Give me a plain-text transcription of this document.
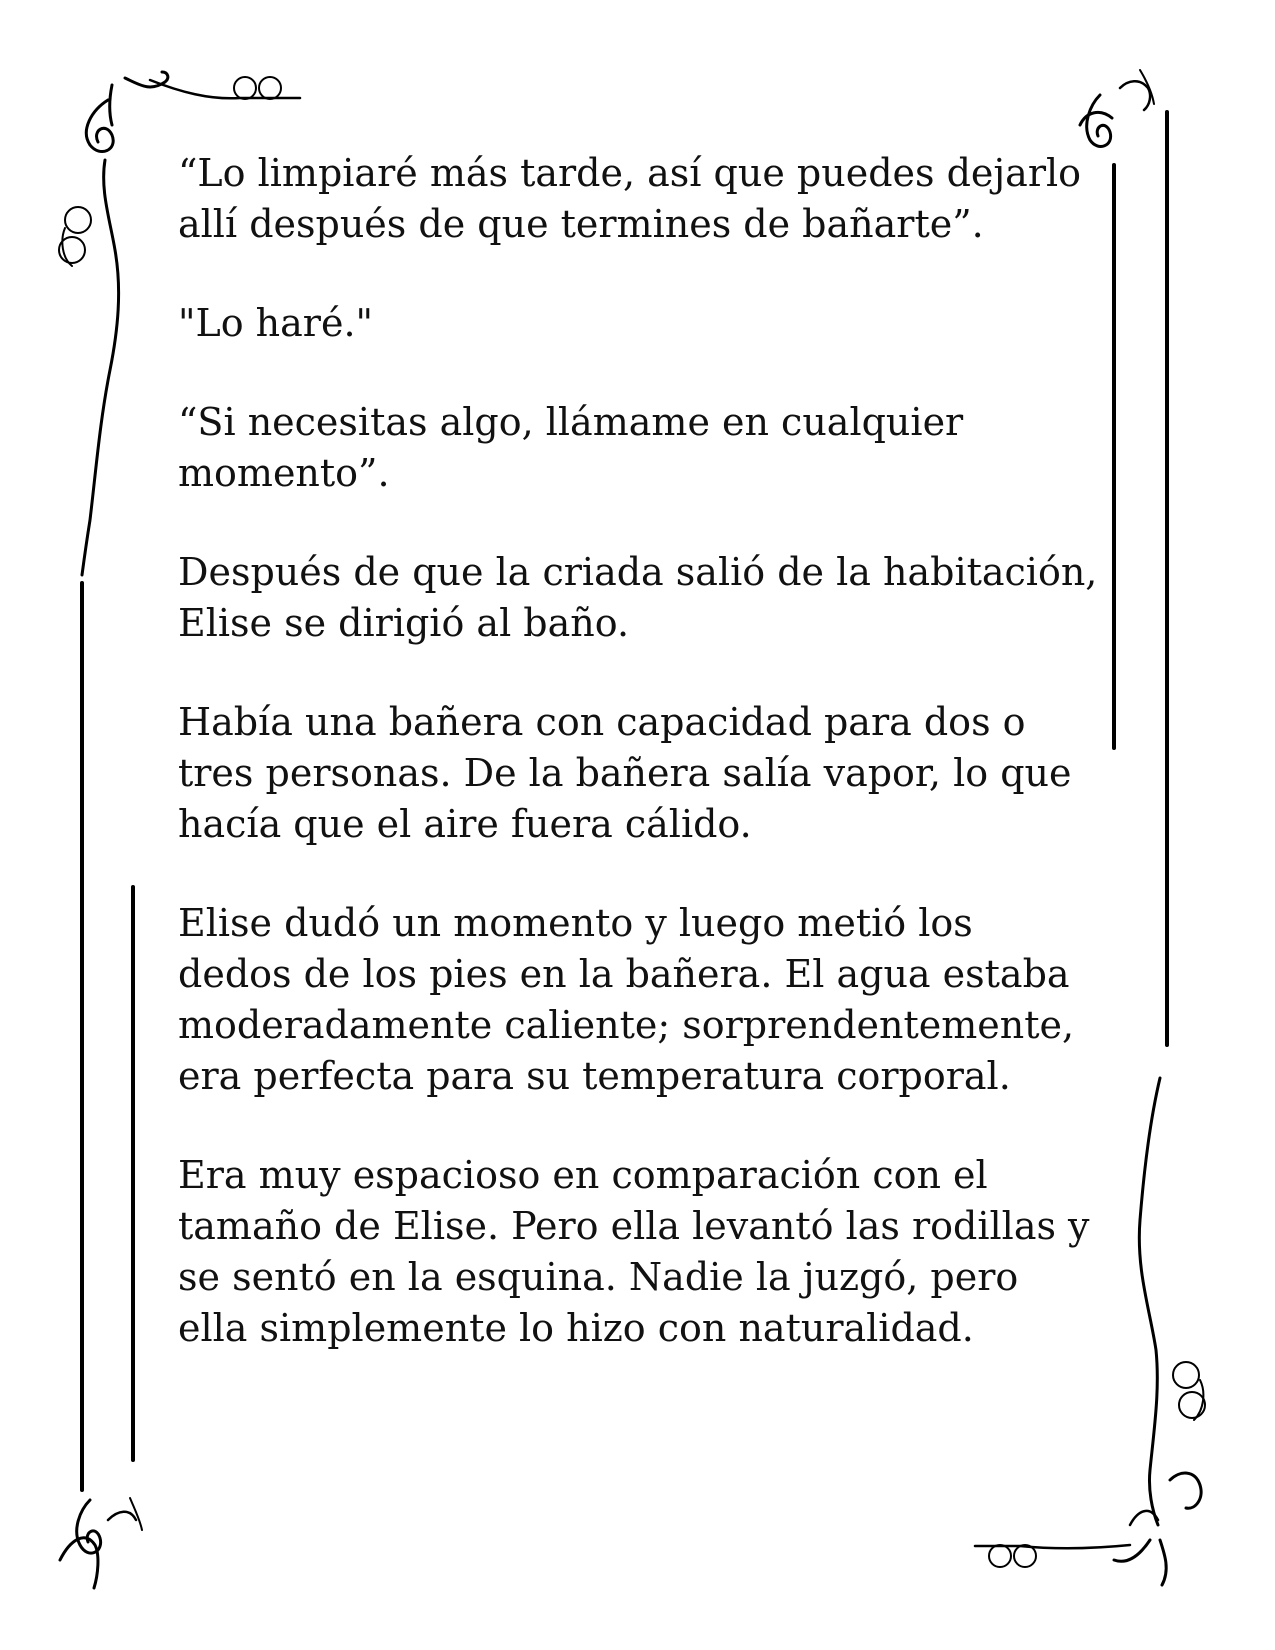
“Lo limpiaré más tarde, así que puedes dejarlo allí después de que termines de bañarte”.

"Lo haré."

“Si necesitas algo, llámame en cualquier momento”.

Después de que la criada salió de la habitación, Elise se dirigió al baño.

Había una bañera con capacidad para dos o tres personas. De la bañera salía vapor, lo que hacía que el aire fuera cálido.

Elise dudó un momento y luego metió los dedos de los pies en la bañera. El agua estaba moderadamente caliente; sorprendentemente, era perfecta para su temperatura corporal.

Era muy espacioso en comparación con el tamaño de Elise. Pero ella levantó las rodillas y se sentó en la esquina. Nadie la juzgó, pero ella simplemente lo hizo con naturalidad.
